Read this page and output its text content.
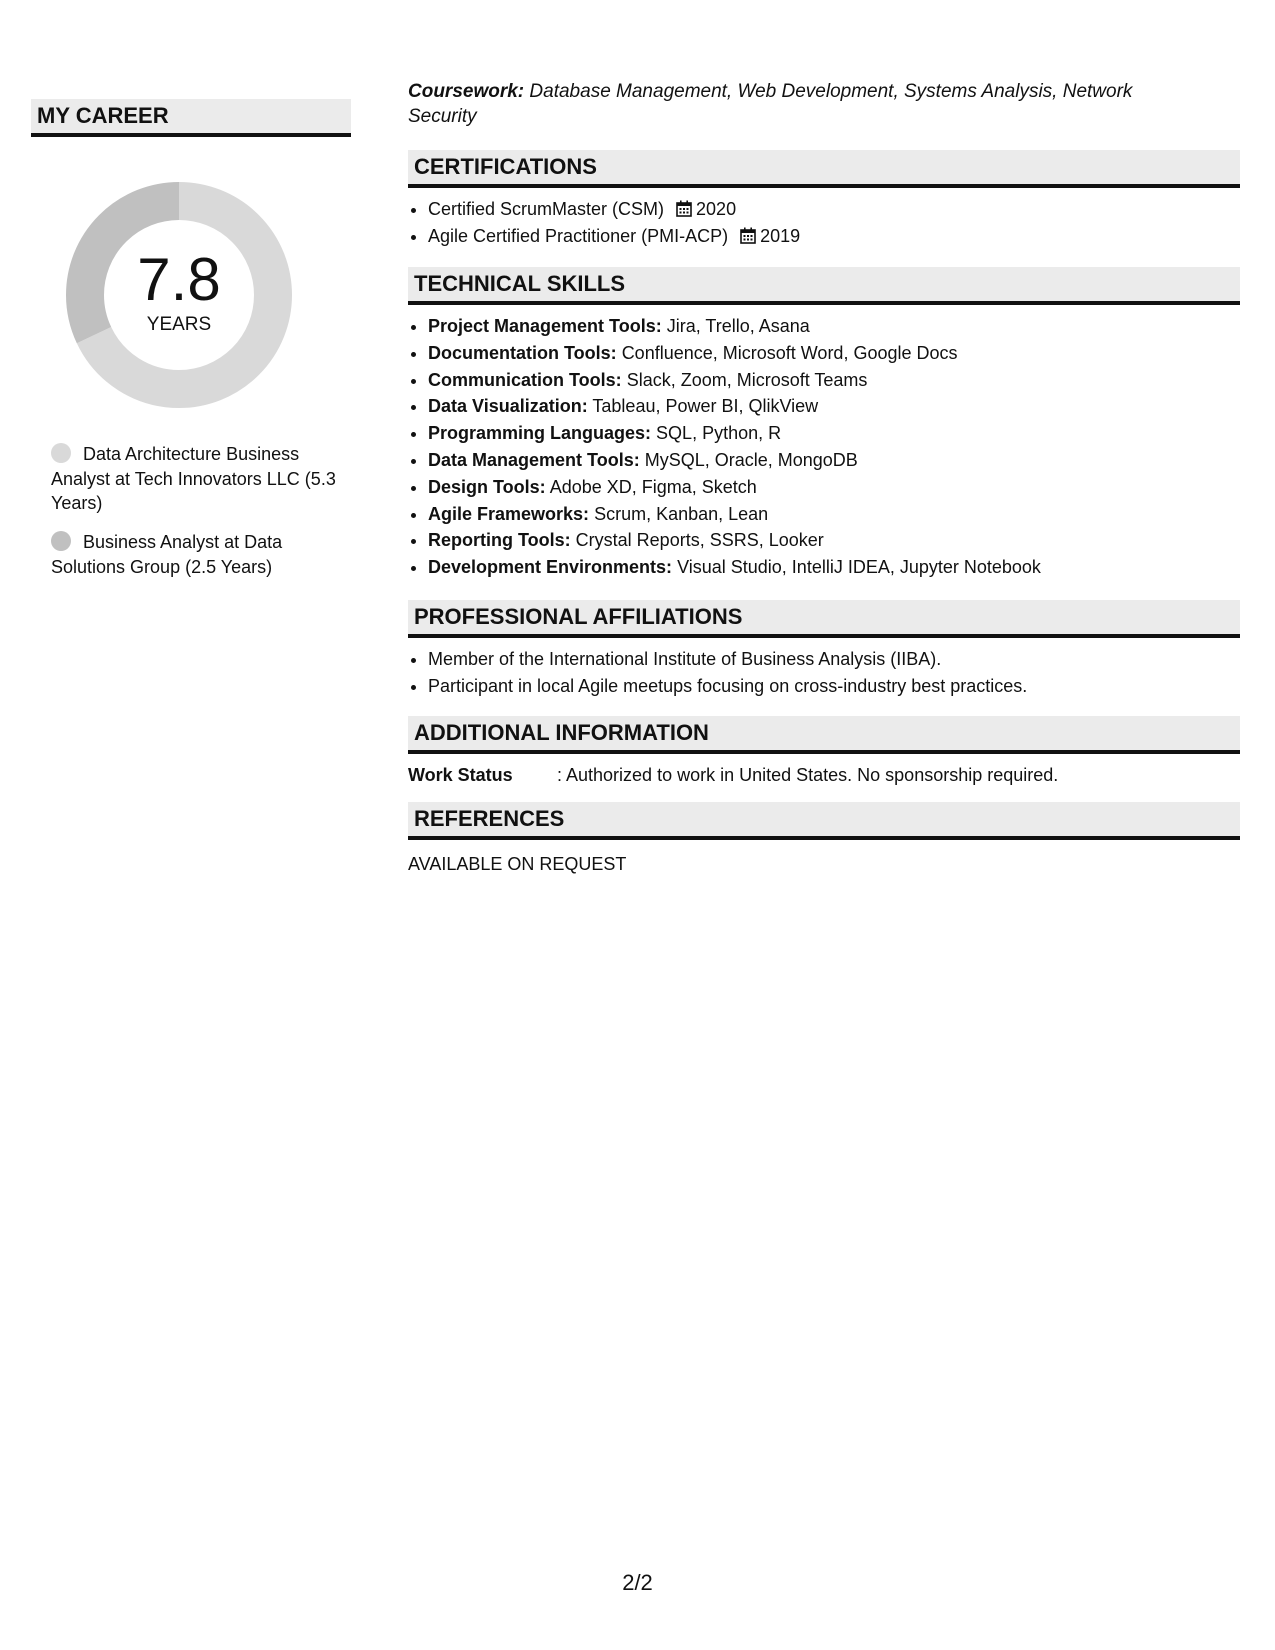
MY CAREER
7.8
YEARS
Data Architecture Business Analyst at Tech Innovators LLC (5.3 Years)
Business Analyst at Data Solutions Group (2.5 Years)
Coursework: Database Management, Web Development, Systems Analysis, Network Security
CERTIFICATIONS
• Certified ScrumMaster (CSM) 2020
• Agile Certified Practitioner (PMI-ACP) 2019
TECHNICAL SKILLS
• Project Management Tools: Jira, Trello, Asana
• Documentation Tools: Confluence, Microsoft Word, Google Docs
• Communication Tools: Slack, Zoom, Microsoft Teams
• Data Visualization: Tableau, Power BI, QlikView
• Programming Languages: SQL, Python, R
• Data Management Tools: MySQL, Oracle, MongoDB
• Design Tools: Adobe XD, Figma, Sketch
• Agile Frameworks: Scrum, Kanban, Lean
• Reporting Tools: Crystal Reports, SSRS, Looker
• Development Environments: Visual Studio, IntelliJ IDEA, Jupyter Notebook
PROFESSIONAL AFFILIATIONS
• Member of the International Institute of Business Analysis (IIBA).
• Participant in local Agile meetups focusing on cross-industry best practices.
ADDITIONAL INFORMATION
Work Status : Authorized to work in United States. No sponsorship required.
REFERENCES
AVAILABLE ON REQUEST
2/2
